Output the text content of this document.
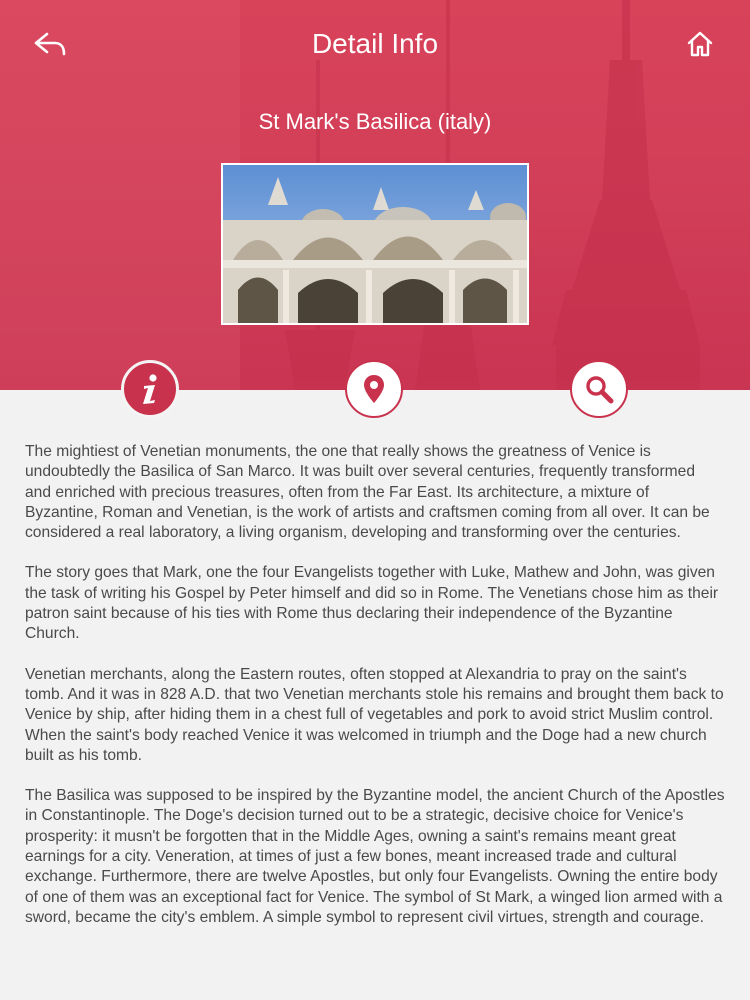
Detail Info
St Mark's Basilica (italy)

The mightiest of Venetian monuments, the one that really shows the greatness of Venice is undoubtedly the Basilica of San Marco. It was built over several centuries, frequently transformed and enriched with precious treasures, often from the Far East. Its architecture, a mixture of Byzantine, Roman and Venetian, is the work of artists and craftsmen coming from all over. It can be considered a real laboratory, a living organism, developing and transforming over the centuries.

The story goes that Mark, one the four Evangelists together with Luke, Mathew and John, was given the task of writing his Gospel by Peter himself and did so in Rome. The Venetians chose him as their patron saint because of his ties with Rome thus declaring their independence of the Byzantine Church.

Venetian merchants, along the Eastern routes, often stopped at Alexandria to pray on the saint's tomb. And it was in 828 A.D. that two Venetian merchants stole his remains and brought them back to Venice by ship, after hiding them in a chest full of vegetables and pork to avoid strict Muslim control. When the saint's body reached Venice it was welcomed in triumph and the Doge had a new church built as his tomb.

The Basilica was supposed to be inspired by the Byzantine model, the ancient Church of the Apostles in Constantinople. The Doge's decision turned out to be a strategic, decisive choice for Venice's prosperity: it musn't be forgotten that in the Middle Ages, owning a saint's remains meant great earnings for a city. Veneration, at times of just a few bones, meant increased trade and cultural exchange. Furthermore, there are twelve Apostles, but only four Evangelists. Owning the entire body of one of them was an exceptional fact for Venice. The symbol of St Mark, a winged lion armed with a sword, became the city's emblem. A simple symbol to represent civil virtues, strength and courage.
